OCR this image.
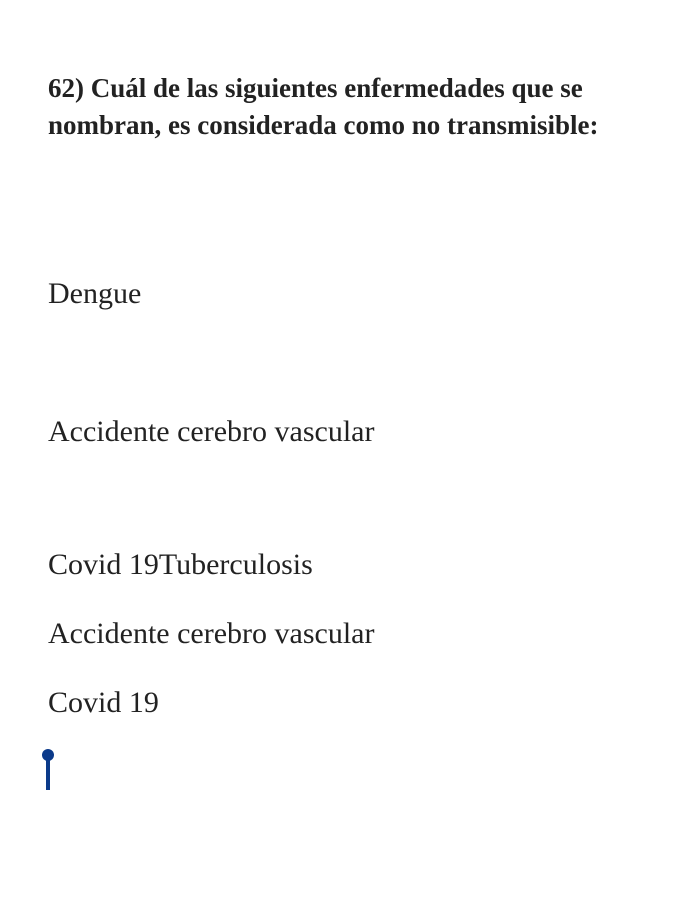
62) Cuál de las siguientes enfermedades que se nombran, es considerada como no transmisible:

Dengue
Accidente cerebro vascular
Covid 19Tuberculosis
Accidente cerebro vascular
Covid 19
